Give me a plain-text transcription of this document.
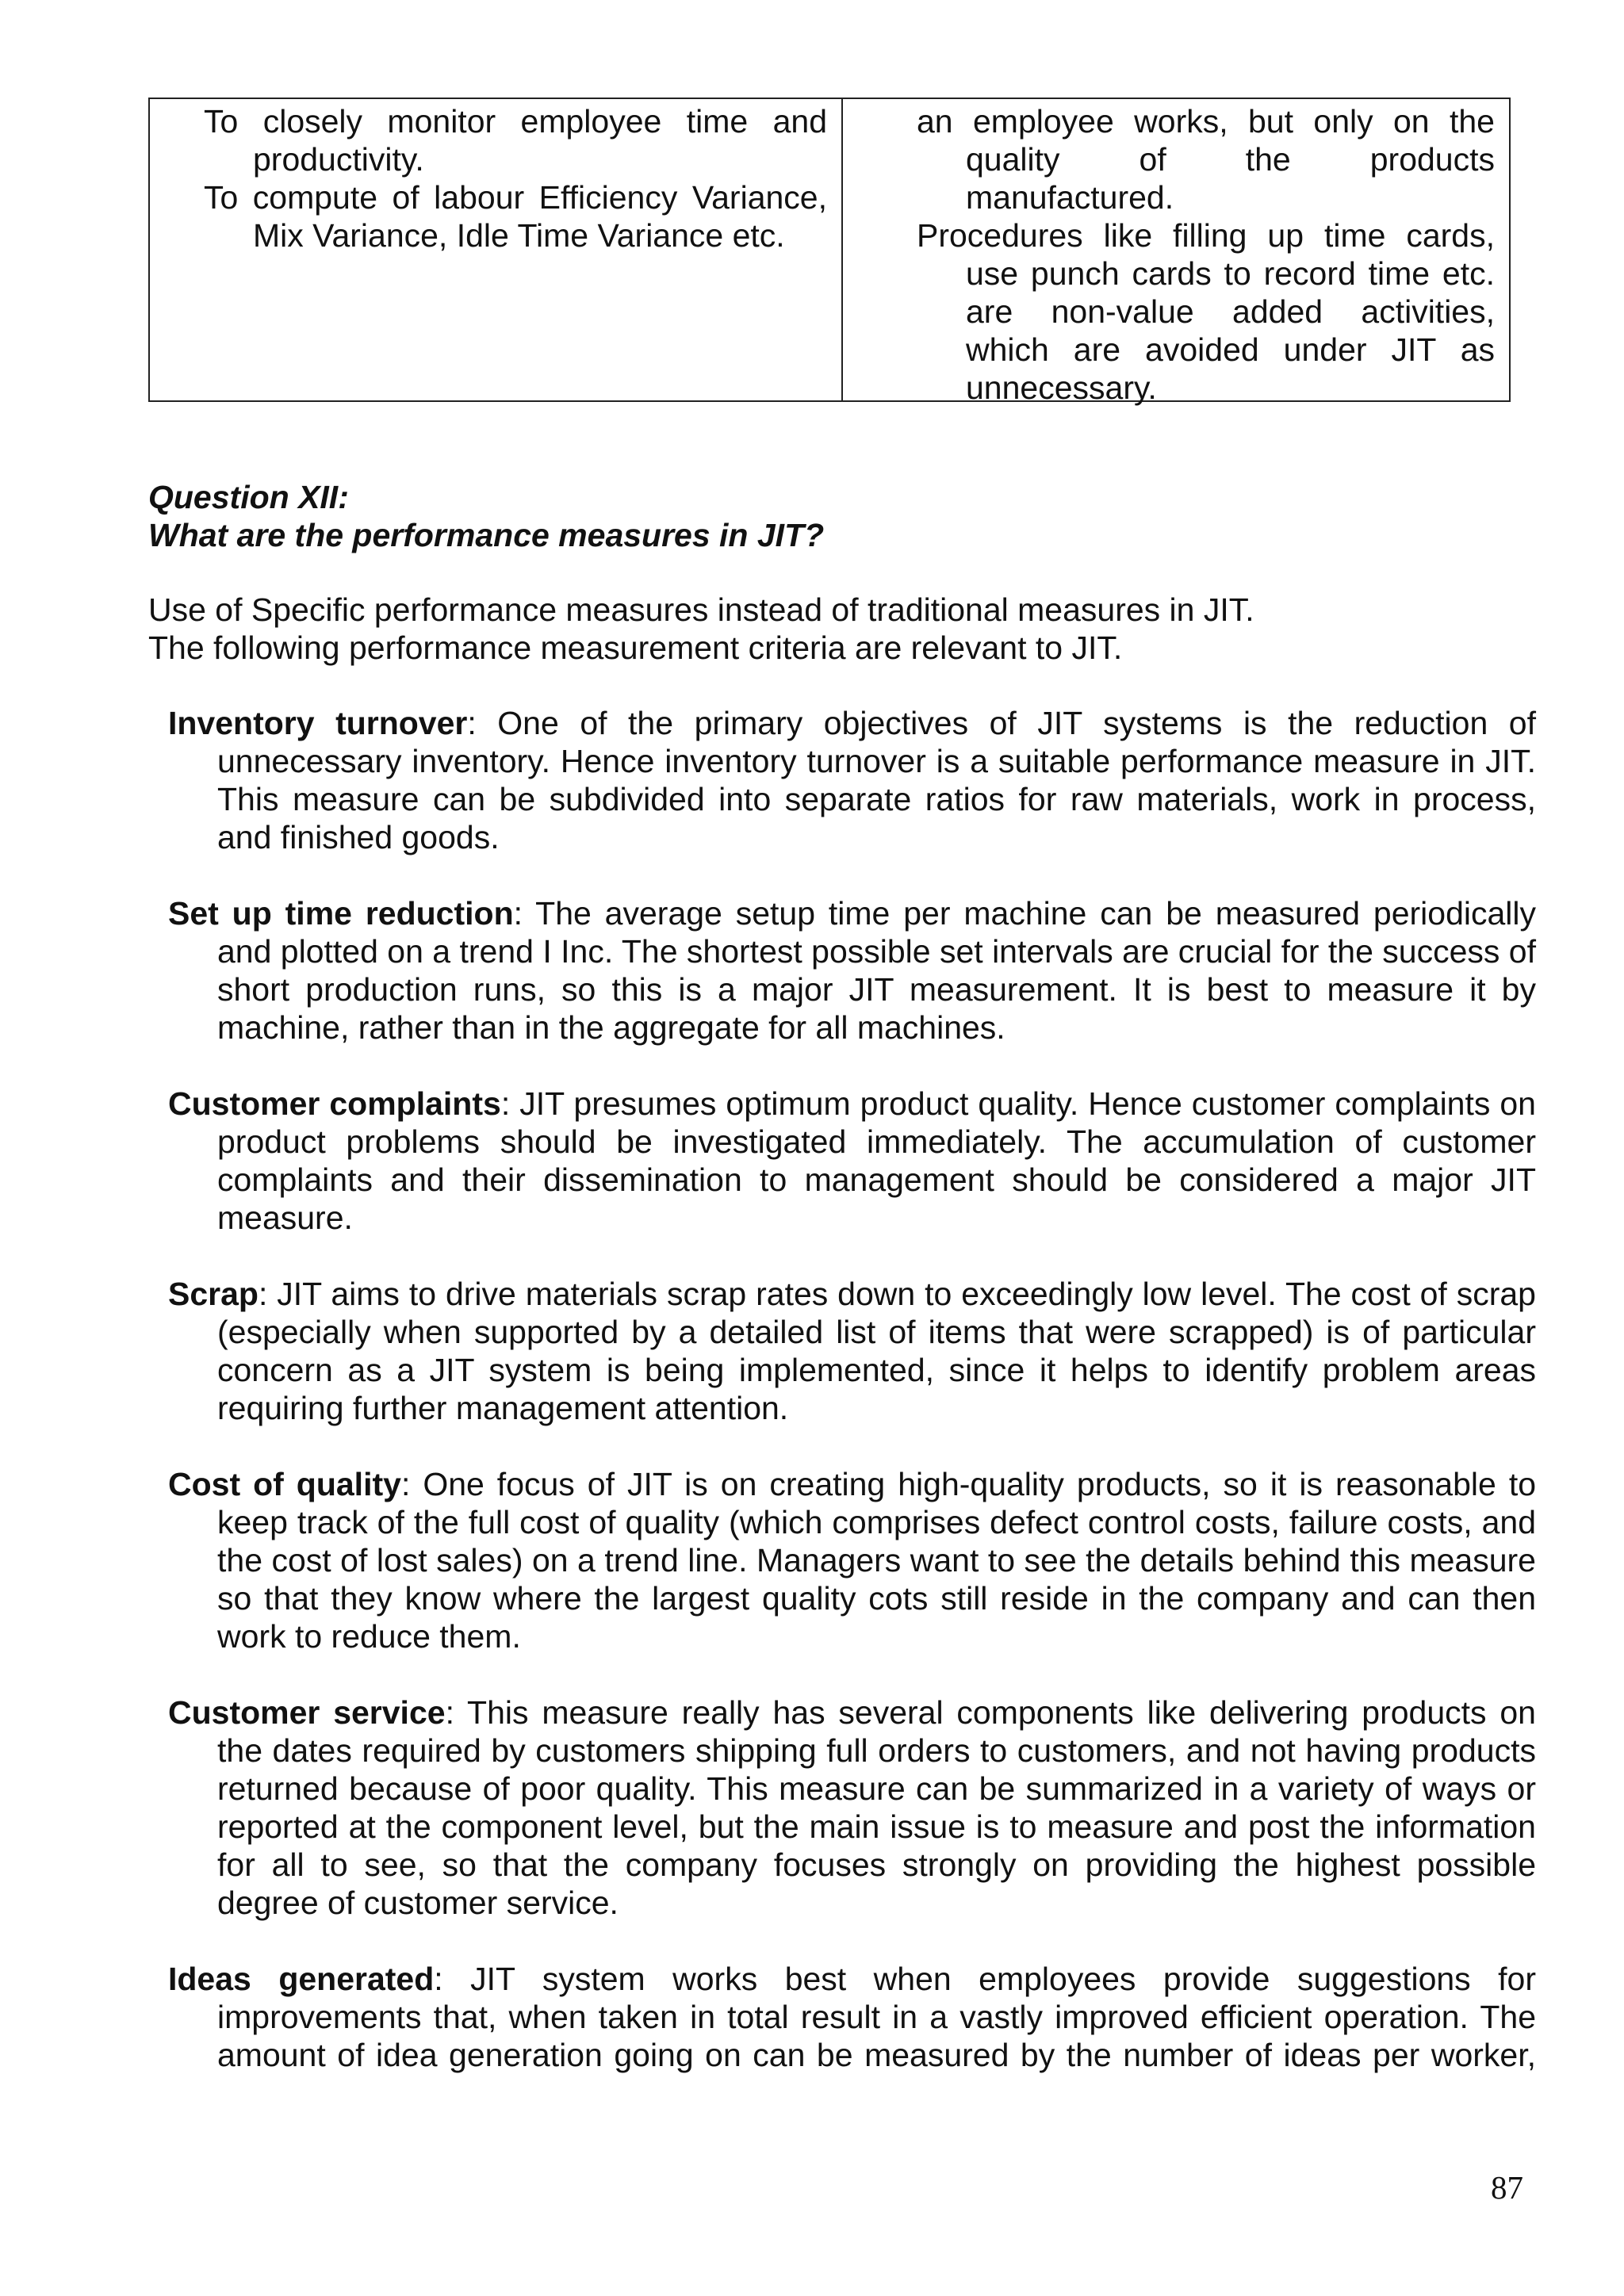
To closely monitor employee time and productivity.

To compute of labour Efficiency Variance, Mix Variance, Idle Time Variance etc.

an employee works, but only on the quality of the products manufactured.

Procedures like filling up time cards, use punch cards to record time etc. are non-value added activities, which are avoided under JIT as unnecessary.

Question XII:
What are the performance measures in JIT?
Use of Specific performance measures instead of traditional measures in JIT.
The following performance measurement criteria are relevant to JIT.

Inventory turnover: One of the primary objectives of JIT systems is the reduction of unnecessary inventory. Hence inventory turnover is a suitable performance measure in JIT. This measure can be subdivided into separate ratios for raw materials, work in process, and finished goods.

Set up time reduction: The average setup time per machine can be measured periodically and plotted on a trend I Inc. The shortest possible set intervals are crucial for the success of short production runs, so this is a major JIT measurement. It is best to measure it by machine, rather than in the aggregate for all machines.

Customer complaints: JIT presumes optimum product quality. Hence customer complaints on product problems should be investigated immediately. The accumulation of customer complaints and their dissemination to management should be considered a major JIT measure.

Scrap: JIT aims to drive materials scrap rates down to exceedingly low level. The cost of scrap (especially when supported by a detailed list of items that were scrapped) is of particular concern as a JIT system is being implemented, since it helps to identify problem areas requiring further management attention.

Cost of quality: One focus of JIT is on creating high-quality products, so it is reasonable to keep track of the full cost of quality (which comprises defect control costs, failure costs, and the cost of lost sales) on a trend line. Managers want to see the details behind this measure so that they know where the largest quality cots still reside in the company and can then work to reduce them.

Customer service: This measure really has several components like delivering products on the dates required by customers shipping full orders to customers, and not having products returned because of poor quality. This measure can be summarized in a variety of ways or reported at the component level, but the main issue is to measure and post the information for all to see, so that the company focuses strongly on providing the highest possible degree of customer service.

Ideas generated: JIT system works best when employees provide suggestions for improvements that, when taken in total result in a vastly improved efficient operation. The amount of idea generation going on can be measured by the number of ideas per worker,

87
